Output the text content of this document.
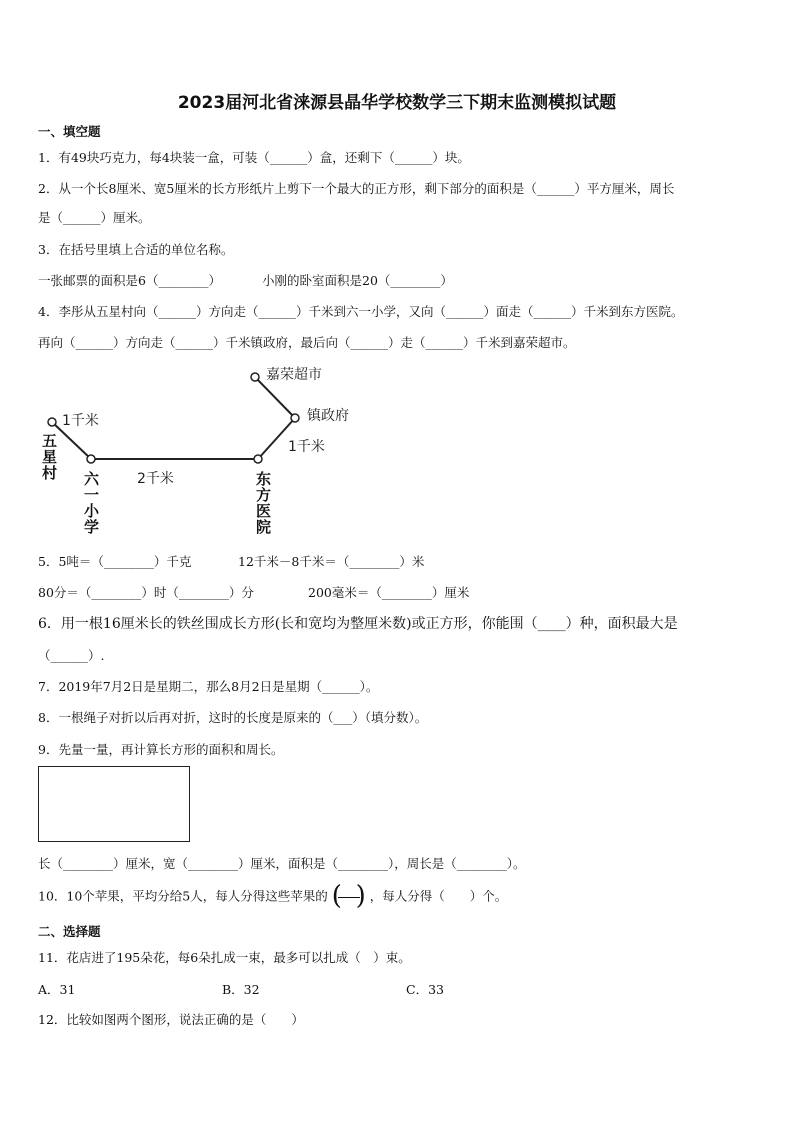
2023届河北省涞源县晶华学校数学三下期末监测模拟试题
一、填空题
1．有49块巧克力，每4块装一盒，可装（______）盒，还剩下（______）块。
2．从一个长8厘米、宽5厘米的长方形纸片上剪下一个最大的正方形，剩下部分的面积是（______）平方厘米，周长
是（______）厘米。
3．在括号里填上合适的单位名称。
一张邮票的面积是6（________）	小刚的卧室面积是20（________）
4．李彤从五星村向（______）方向走（______）千米到六一小学，又向（______）面走（______）千米到东方医院。
再向（______）方向走（______）千米镇政府，最后向（______）走（______）千米到嘉荣超市。
嘉荣超市
镇政府
1千米
2千米
1千米
五星村
六一小学	东方医院
5．5吨＝（________）千克	12千米－8千米＝（________）米
80分＝（________）时（________）分	200毫米＝（________）厘米
6．用一根16厘米长的铁丝围成长方形(长和宽均为整厘米数)或正方形，你能围（____）种，面积最大是
（______）.
7．2019年7月2日是星期二，那么8月2日是星期（______）。
8．一根绳子对折以后再对折，这时的长度是原来的（___）（填分数）。
9．先量一量，再计算长方形的面积和周长。
长（________）厘米，宽（________）厘米，面积是（________），周长是（________）。
10．10个苹果，平均分给5人，每人分得这些苹果的 ( ) ，每人分得（　　）个。
二、选择题
11．花店进了195朵花，每6朵扎成一束，最多可以扎成（　）束。
A．31	B．32	C．33
12．比较如图两个图形，说法正确的是（　　）
